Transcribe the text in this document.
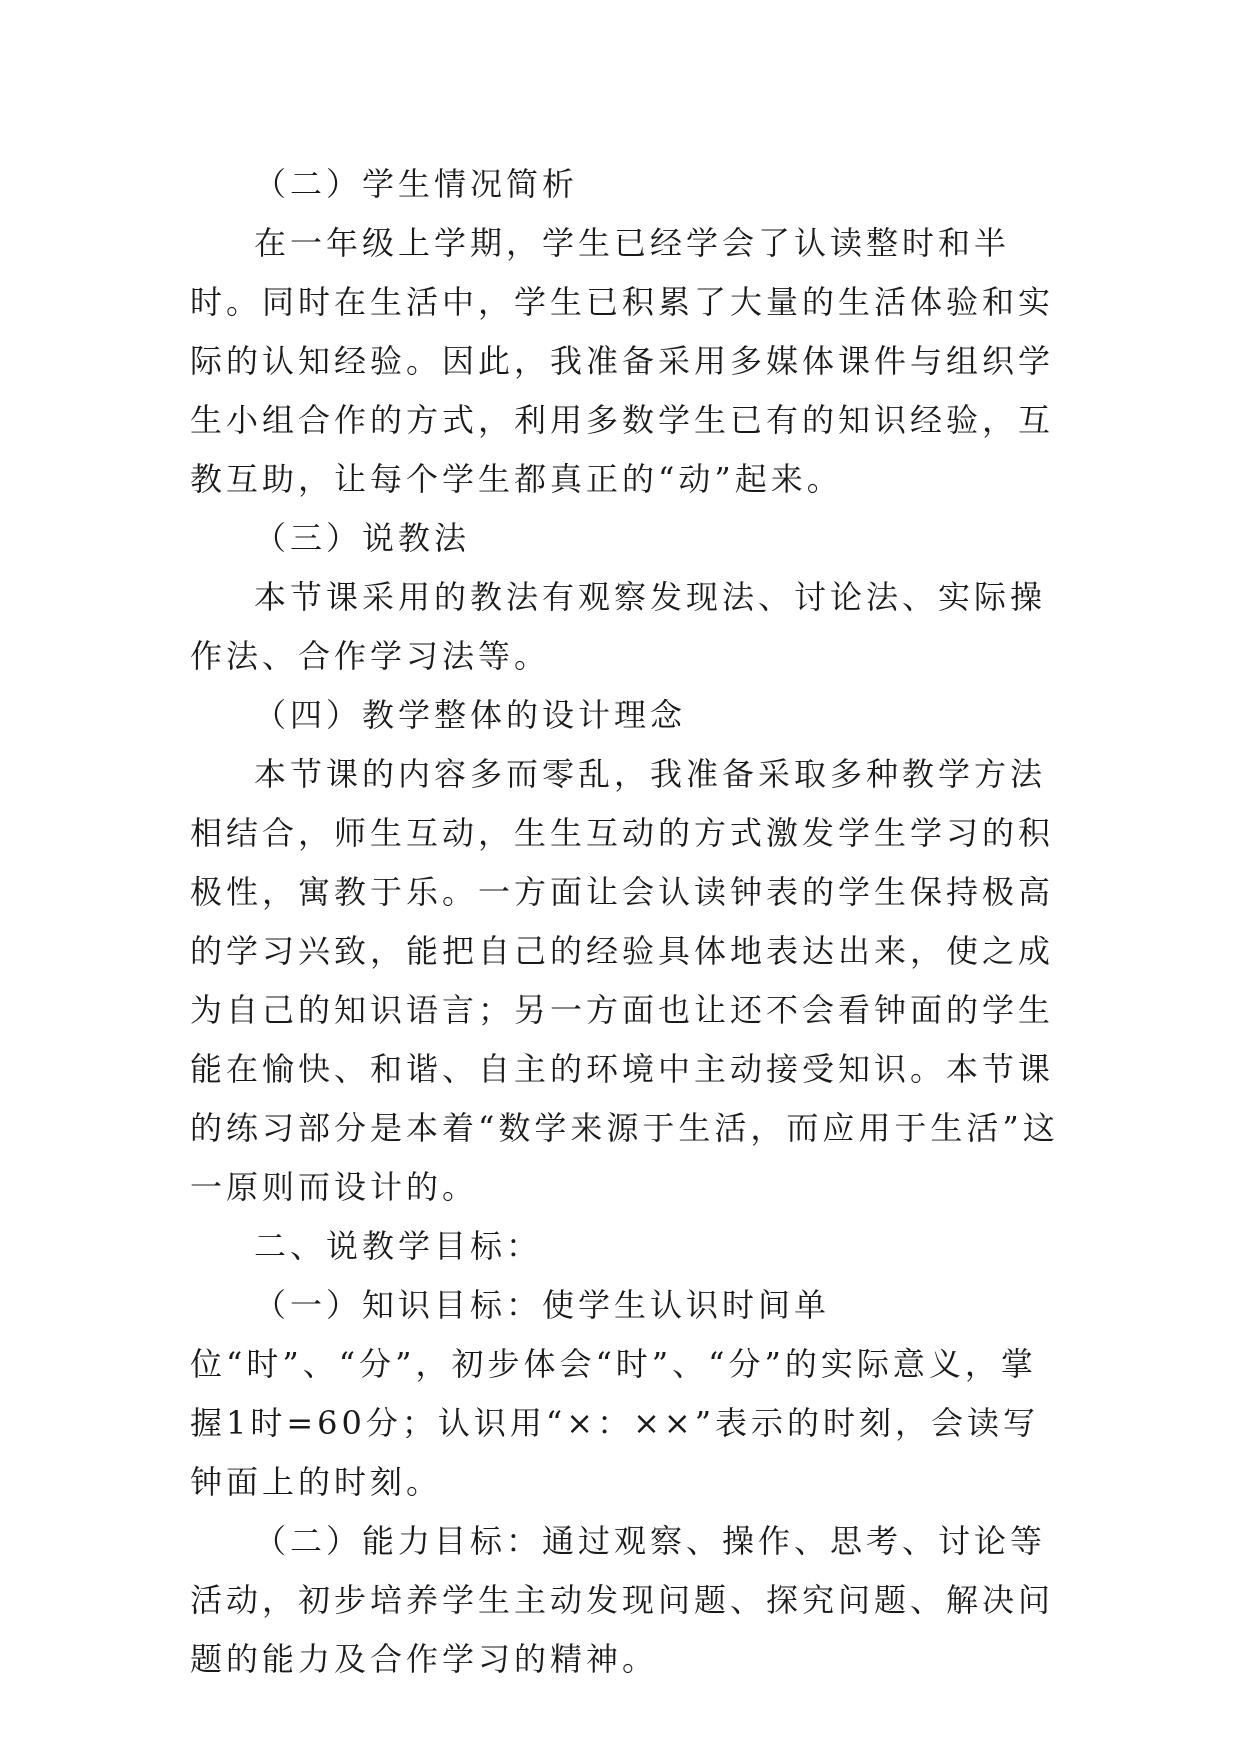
（二）学生情况简析

在一年级上学期，学生已经学会了认读整时和半时。同时在生活中，学生已积累了大量的生活体验和实际的认知经验。因此，我准备采用多媒体课件与组织学生小组合作的方式，利用多数学生已有的知识经验，互教互助，让每个学生都真正的“动”起来。

（三）说教法

本节课采用的教法有观察发现法、讨论法、实际操作法、合作学习法等。

（四）教学整体的设计理念

本节课的内容多而零乱，我准备采取多种教学方法相结合，师生互动，生生互动的方式激发学生学习的积极性，寓教于乐。一方面让会认读钟表的学生保持极高的学习兴致，能把自己的经验具体地表达出来，使之成为自己的知识语言；另一方面也让还不会看钟面的学生能在愉快、和谐、自主的环境中主动接受知识。本节课的练习部分是本着“数学来源于生活，而应用于生活”这一原则而设计的。

二、说教学目标：

（一）知识目标：使学生认识时间单位“时”、“分”，初步体会“时”、“分”的实际意义，掌握1时=60分；认识用“×：××”表示的时刻，会读写钟面上的时刻。

（二）能力目标：通过观察、操作、思考、讨论等活动，初步培养学生主动发现问题、探究问题、解决问题的能力及合作学习的精神。
